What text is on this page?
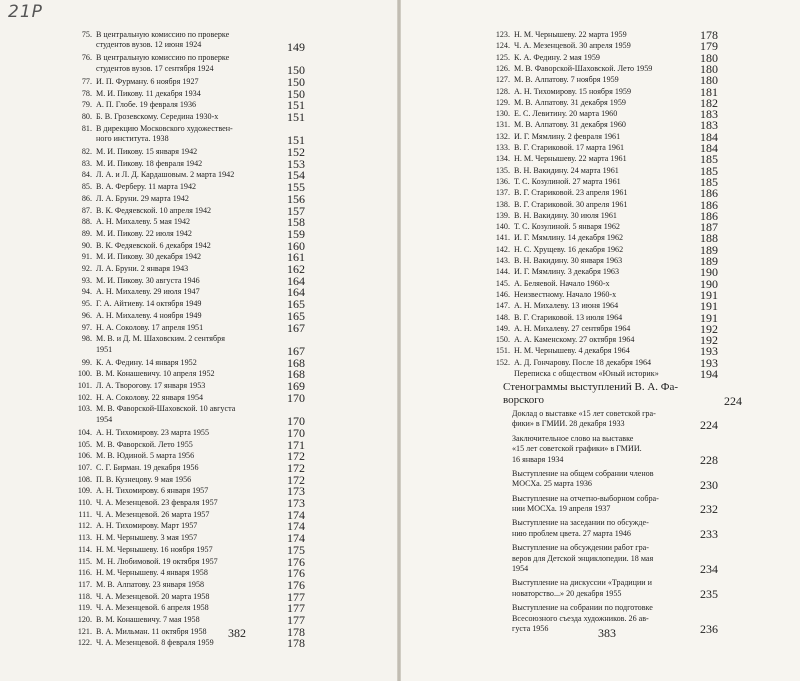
21Р
75. В центральную комиссию по проверке
студентов вузов. 12 июня 1924	149
76. В центральную комиссию по проверке
студентов вузов. 17 сентября 1924	150
77. И. П. Фурману. 6 ноября 1927	150
78. М. И. Пикову. 11 декабря 1934	150
79. А. П. Глобе. 19 февраля 1936	151
80. Б. В. Грозевскому. Середина 1930-х	151
81. В дирекцию Московского художествен-
ного института. 1938	151
82. М. И. Пикову. 15 января 1942	152
83. М. И. Пикову. 18 февраля 1942	153
84. Л. А. и Л. Д. Кардашовым. 2 марта 1942	154
85. В. А. Ферберу. 11 марта 1942	155
86. Л. А. Бруни. 29 марта 1942	156
87. В. К. Федяевской. 10 апреля 1942	157
88. А. Н. Михалеву. 5 мая 1942	158
89. М. И. Пикову. 22 июля 1942	159
90. В. К. Федяевской. 6 декабря 1942	160
91. М. И. Пикову. 30 декабря 1942	161
92. Л. А. Бруни. 2 января 1943	162
93. М. И. Пикову. 30 августа 1946	164
94. А. Н. Михалеву. 29 июля 1947	164
95. Г. А. Айтиеву. 14 октября 1949	165
96. А. Н. Михалеву. 4 ноября 1949	165
97. Н. А. Соколову. 17 апреля 1951	167
98. М. В. и Д. М. Шаховским. 2 сентября
1951	167
99. К. А. Федину. 14 января 1952	168
100. В. М. Конашевичу. 10 апреля 1952	168
101. Л. А. Творогову. 17 января 1953	169
102. Н. А. Соколову. 22 января 1954	170
103. М. В. Фаворской-Шаховской. 10 августа
1954	170
104. А. Н. Тихомирову. 23 марта 1955	170
105. М. В. Фаворской. Лето 1955	171
106. М. В. Юдиной. 5 марта 1956	172
107. С. Г. Бирман. 19 декабря 1956	172
108. П. В. Кузнецову. 9 мая 1956	172
109. А. Н. Тихомирову. 6 января 1957	173
110. Ч. А. Мезенцевой. 23 февраля 1957	173
111. Ч. А. Мезенцевой. 26 марта 1957	174
112. А. Н. Тихомирову. Март 1957	174
113. Н. М. Чернышеву. 3 мая 1957	174
114. Н. М. Чернышеву. 16 ноября 1957	175
115. М. Н. Любимовой. 19 октября 1957	176
116. Н. М. Чернышеву. 4 января 1958	176
117. М. В. Алпатову. 23 января 1958	176
118. Ч. А. Мезенцевой. 20 марта 1958	177
119. Ч. А. Мезенцевой. 6 апреля 1958	177
120. В. М. Конашевичу. 7 мая 1958	177
121. В. А. Мильман. 11 октября 1958	178
122. Ч. А. Мезенцевой. 8 февраля 1959	178
123. Н. М. Чернышеву. 22 марта 1959	178
124. Ч. А. Мезенцевой. 30 апреля 1959	179
125. К. А. Федину. 2 мая 1959	180
126. М. В. Фаворской-Шаховской. Лето 1959	180
127. М. В. Алпатову. 7 ноября 1959	180
128. А. Н. Тихомирову. 15 ноября 1959	181
129. М. В. Алпатову. 31 декабря 1959	182
130. Е. С. Левитину. 20 марта 1960	183
131. М. В. Алпатову. 31 декабря 1960	183
132. И. Г. Мямлину. 2 февраля 1961	184
133. В. Г. Стариковой. 17 марта 1961	184
134. Н. М. Чернышеву. 22 марта 1961	185
135. В. Н. Вакидину. 24 марта 1961	185
136. Т. С. Козулиной. 27 марта 1961	185
137. В. Г. Стариковой. 23 апреля 1961	186
138. В. Г. Стариковой. 30 апреля 1961	186
139. В. Н. Вакидину. 30 июля 1961	186
140. Т. С. Козулиной. 5 января 1962	187
141. И. Г. Мямлину. 14 декабря 1962	188
142. Н. С. Хрущеву. 16 декабря 1962	189
143. В. Н. Вакидину. 30 января 1963	189
144. И. Г. Мямлину. 3 декабря 1963	190
145. А. Беляевой. Начало 1960-х	190
146. Неизвестному. Начало 1960-х	191
147. А. Н. Михалеву. 13 июня 1964	191
148. В. Г. Стариковой. 13 июля 1964	191
149. А. Н. Михалеву. 27 сентября 1964	192
150. А. А. Каменскому. 27 октября 1964	192
151. Н. М. Чернышеву. 4 декабря 1964	193
152. А. Д. Гончарову. После 18 декабря 1964	193
Переписка с обществом «Юный историк»	194
Стенограммы выступлений В. А. Фа-
ворского	224
Доклад о выставке «15 лет советской гра-
фики» в ГМИИ. 28 декабря 1933	224
Заключительное слово на выставке
«15 лет советской графики» в ГМИИ.
16 января 1934	228
Выступление на общем собрании членов
МОСХа. 25 марта 1936	230
Выступление на отчетно-выборном собра-
нии МОСХа. 19 апреля 1937	232
Выступление на заседании по обсужде-
нию проблем цвета. 27 марта 1946	233
Выступление на обсуждении работ гра-
веров для Детской энциклопедии. 18 мая
1954	234
Выступление на дискуссии «Традиции и
новаторство...» 20 декабря 1955	235
Выступление на собрании по подготовке
Всесоюзного съезда художников. 26 ав-
густа 1956	236
382	383
